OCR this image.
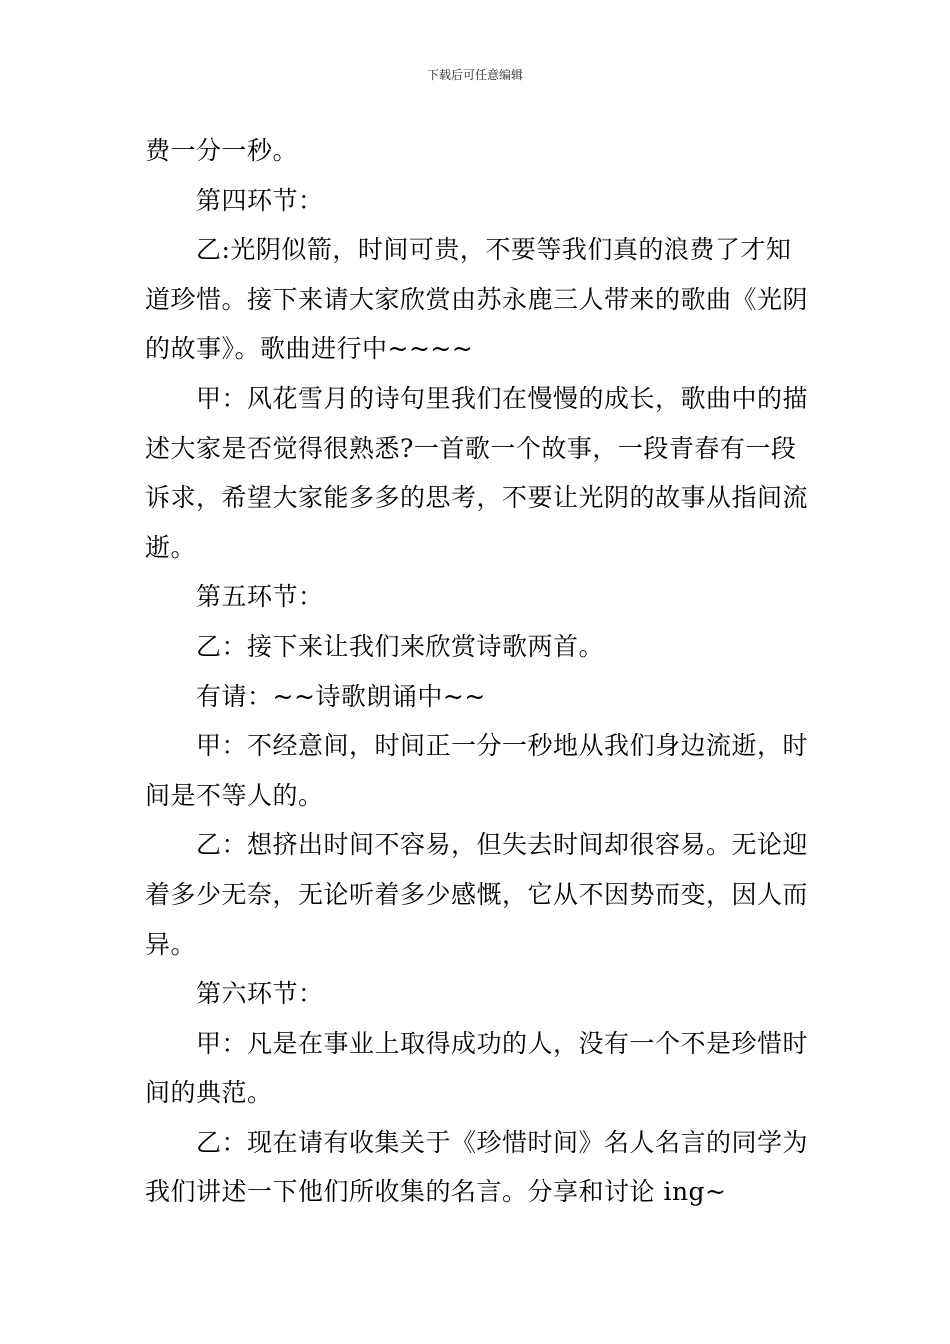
下载后可任意编辑

费一分一秒。

第四环节：

乙:光阴似箭，时间可贵，不要等我们真的浪费了才知道珍惜。接下来请大家欣赏由苏永鹿三人带来的歌曲《光阴的故事》。歌曲进行中~~~~

甲：风花雪月的诗句里我们在慢慢的成长，歌曲中的描述大家是否觉得很熟悉?一首歌一个故事，一段青春有一段诉求，希望大家能多多的思考，不要让光阴的故事从指间流逝。

第五环节：

乙：接下来让我们来欣赏诗歌两首。

有请：~~诗歌朗诵中~~

甲：不经意间，时间正一分一秒地从我们身边流逝，时间是不等人的。

乙：想挤出时间不容易，但失去时间却很容易。无论迎着多少无奈，无论听着多少感慨，它从不因势而变，因人而异。

第六环节：

甲：凡是在事业上取得成功的人，没有一个不是珍惜时间的典范。

乙：现在请有收集关于《珍惜时间》名人名言的同学为我们讲述一下他们所收集的名言。分享和讨论 ing~
